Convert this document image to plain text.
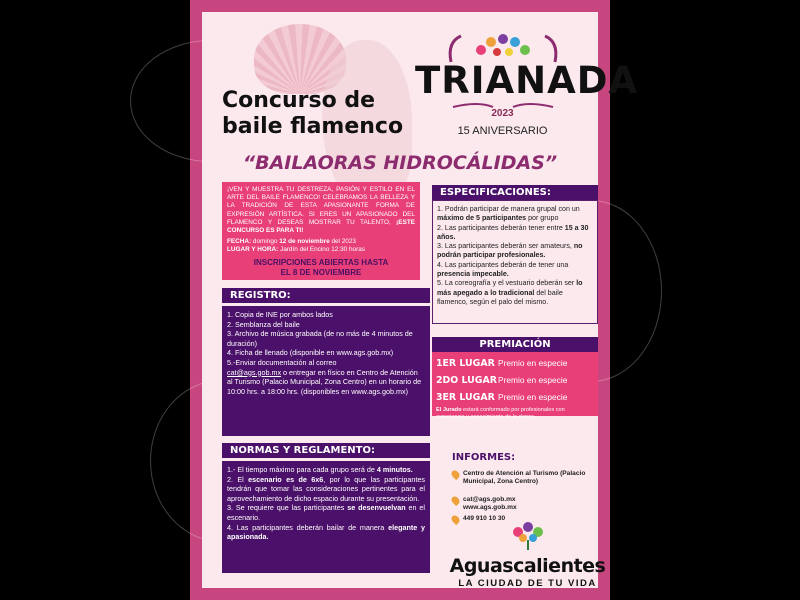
Concurso de
baile flamenco
TRIANADA
2023
15 ANIVERSARIO
“BAILAORAS HIDROCÁLIDAS”
¡VEN Y MUESTRA TU DESTREZA, PASIÓN Y ESTILO EN EL ARTE DEL BAILE FLAMENCO! CELEBRAMOS LA BELLEZA Y LA TRADICIÓN DE ESTA APASIONANTE FORMA DE EXPRESIÓN ARTÍSTICA. SI ERES UN APASIONADO DEL FLAMENCO Y DESEAS MOSTRAR TU TALENTO, ¡ESTE CONCURSO ES PARA TI!
FECHA: domingo 12 de noviembre del 2023
LUGAR Y HORA: Jardín del Encino 12:30 horas
INSCRIPCIONES ABIERTAS HASTA
EL 8 DE NOVIEMBRE
ESPECIFICACIONES:
1. Podrán participar de manera grupal con un máximo de 5 participantes por grupo
2. Las participantes deberán tener entre 15 a 30 años.
3. Las participantes deberán ser amateurs, no podrán participar profesionales.
4. Las participantes deberán de tener una presencia impecable.
5. La coreografía y el vestuario deberán ser lo más apegado a lo tradicional del baile flamenco, según el palo del mismo.
REGISTRO:
1. Copia de INE por ambos lados
2. Semblanza del baile
3. Archivo de música grabada (de no más de 4 minutos de duración)
4. Ficha de llenado (disponible en www.ags.gob.mx)
5.-Enviar documentación al correo
cat@ags.gob.mx o entregar en físico en Centro de Atención al Turismo (Palacio Municipal, Zona Centro) en un horario de 10:00 hrs. a 18:00 hrs. (disponibles en www.ags.gob.mx)
PREMIACIÓN
1ER LUGAR Premio en especie
2DO LUGARPremio en especie
3ER LUGAR Premio en especie
El Jurado estará conformado por profesionales con experiencia y conocimiento de la danza.
NORMAS Y REGLAMENTO:
1.- El tiempo máximo para cada grupo será de 4 minutos.
2. El escenario es de 6x6, por lo que las participantes tendrán que tomar las consideraciones pertinentes para el aprovechamiento de dicho espacio durante su presentación.
3. Se requiere que las participantes se desenvuelvan en el escenario.
4. Las participantes deberán bailar de manera elegante y apasionada.
INFORMES:
Centro de Atención al Turismo (Palacio Municipal, Zona Centro)
cat@ags.gob.mx
www.ags.gob.mx
449 910 10 30
Aguascalientes
LA CIUDAD DE TU VIDA
